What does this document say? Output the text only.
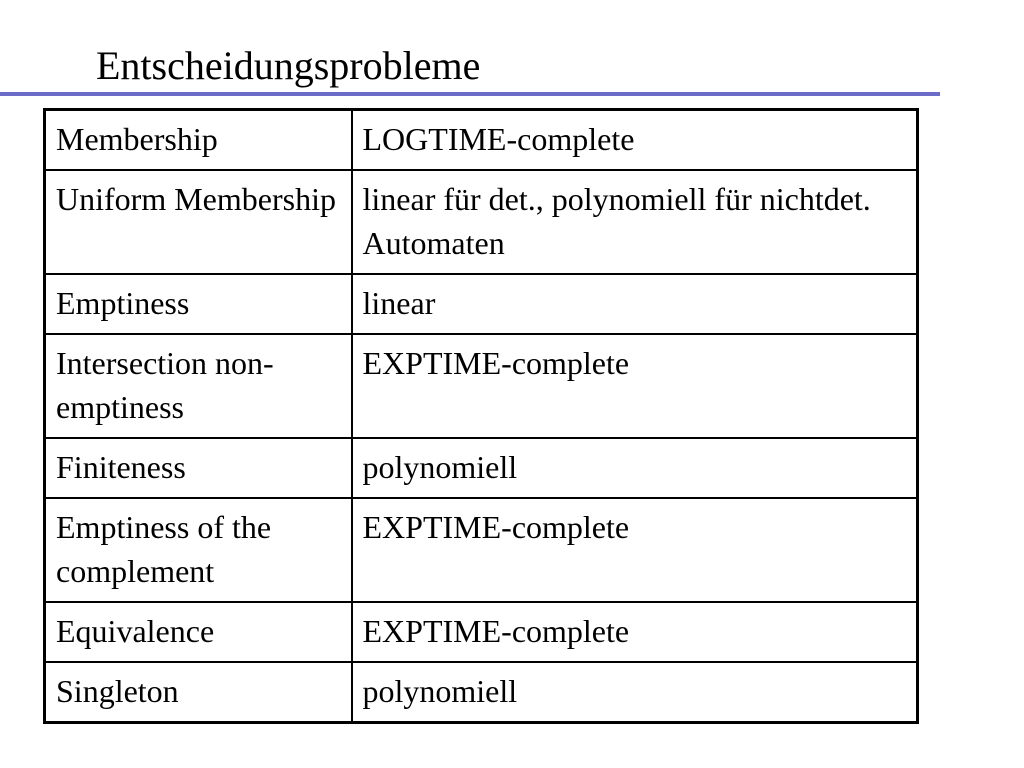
Entscheidungsprobleme
Membership	LOGTIME-complete
Uniform Membership	linear für det., polynomiell für nichtdet. Automaten
Emptiness	linear
Intersection non-emptiness	EXPTIME-complete
Finiteness	polynomiell
Emptiness of the complement	EXPTIME-complete
Equivalence	EXPTIME-complete
Singleton	polynomiell
